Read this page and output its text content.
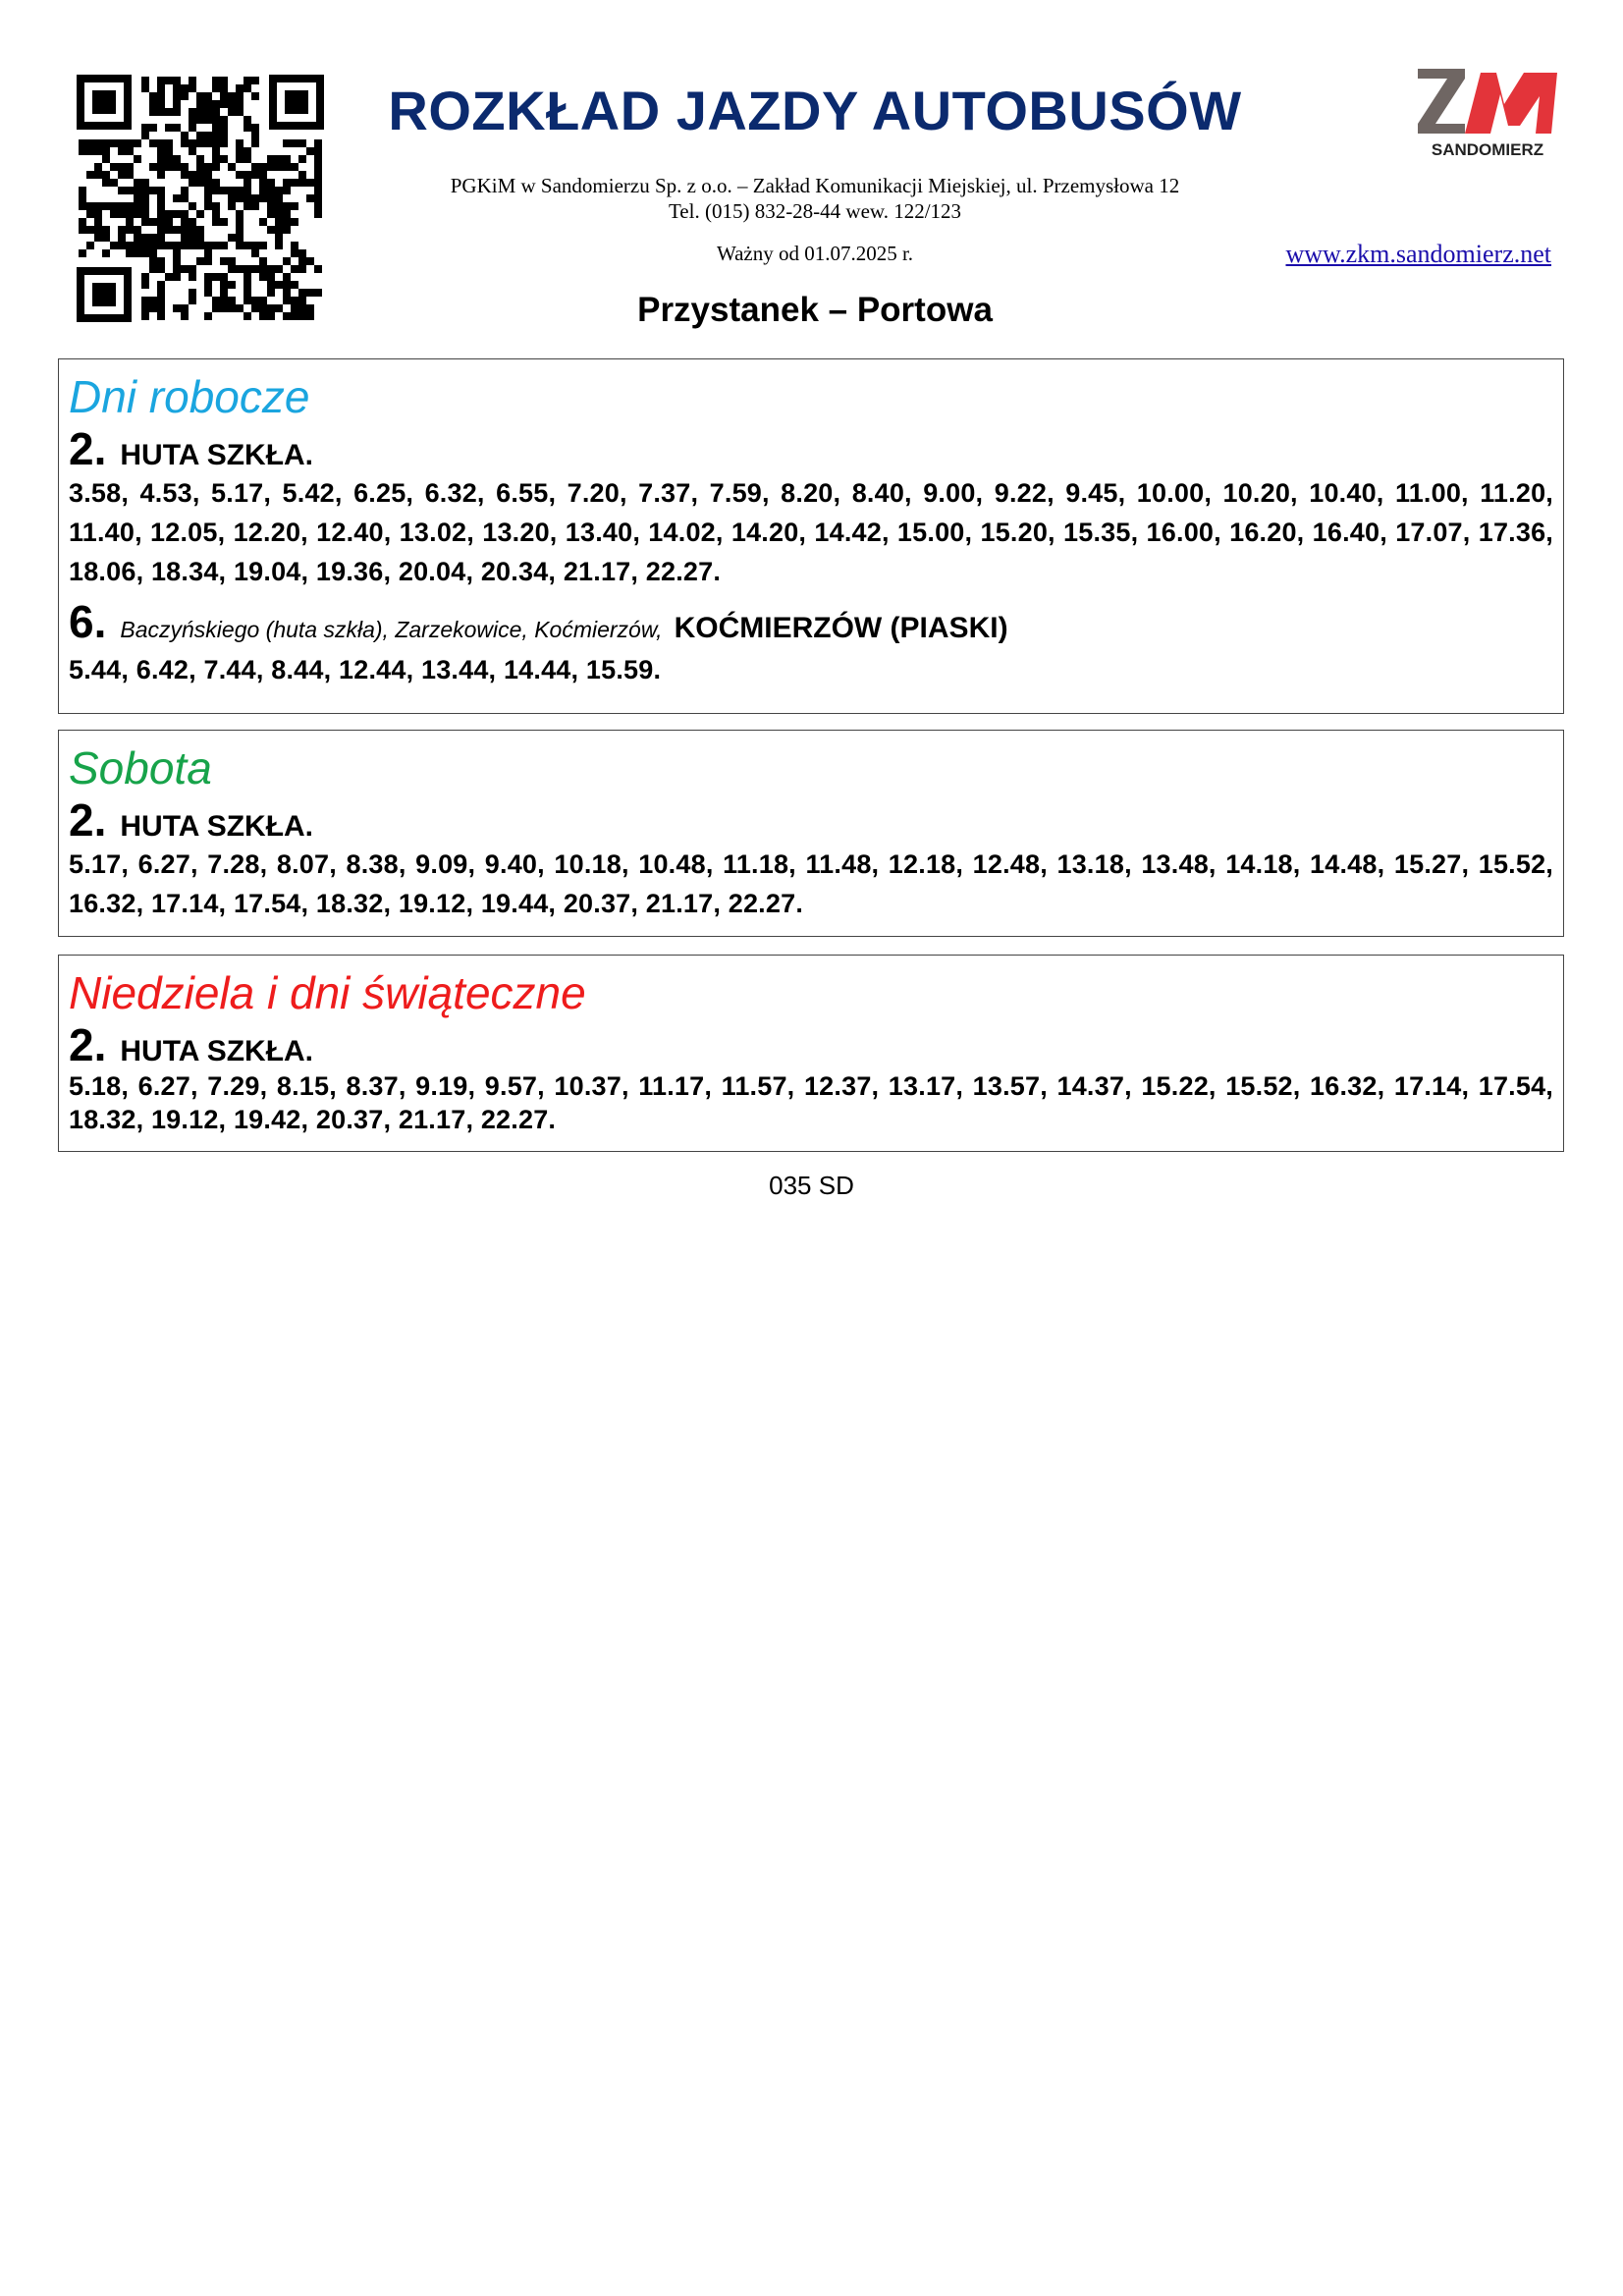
ROZKŁAD JAZDY AUTOBUSÓW
PGKiM w Sandomierzu Sp. z o.o. – Zakład Komunikacji Miejskiej, ul. Przemysłowa 12
Tel. (015) 832-28-44 wew. 122/123
Ważny od 01.07.2025 r.	www.zkm.sandomierz.net
SANDOMIERZ
Przystanek – Portowa
Dni robocze
2. HUTA SZKŁA.
3.58, 4.53, 5.17, 5.42, 6.25, 6.32, 6.55, 7.20, 7.37, 7.59, 8.20, 8.40, 9.00, 9.22, 9.45, 10.00, 10.20, 10.40, 11.00, 11.20, 11.40, 12.05, 12.20, 12.40, 13.02, 13.20, 13.40, 14.02, 14.20, 14.42, 15.00, 15.20, 15.35, 16.00, 16.20, 16.40, 17.07, 17.36, 18.06, 18.34, 19.04, 19.36, 20.04, 20.34, 21.17, 22.27.
6. Baczyńskiego (huta szkła), Zarzekowice, Koćmierzów, KOĆMIERZÓW (PIASKI)
5.44, 6.42, 7.44, 8.44, 12.44, 13.44, 14.44, 15.59.
Sobota
2. HUTA SZKŁA.
5.17, 6.27, 7.28, 8.07, 8.38, 9.09, 9.40, 10.18, 10.48, 11.18, 11.48, 12.18, 12.48, 13.18, 13.48, 14.18, 14.48, 15.27, 15.52, 16.32, 17.14, 17.54, 18.32, 19.12, 19.44, 20.37, 21.17, 22.27.
Niedziela i dni świąteczne
2. HUTA SZKŁA.
5.18, 6.27, 7.29, 8.15, 8.37, 9.19, 9.57, 10.37, 11.17, 11.57, 12.37, 13.17, 13.57, 14.37, 15.22, 15.52, 16.32, 17.14, 17.54, 18.32, 19.12, 19.42, 20.37, 21.17, 22.27.
035 SD
